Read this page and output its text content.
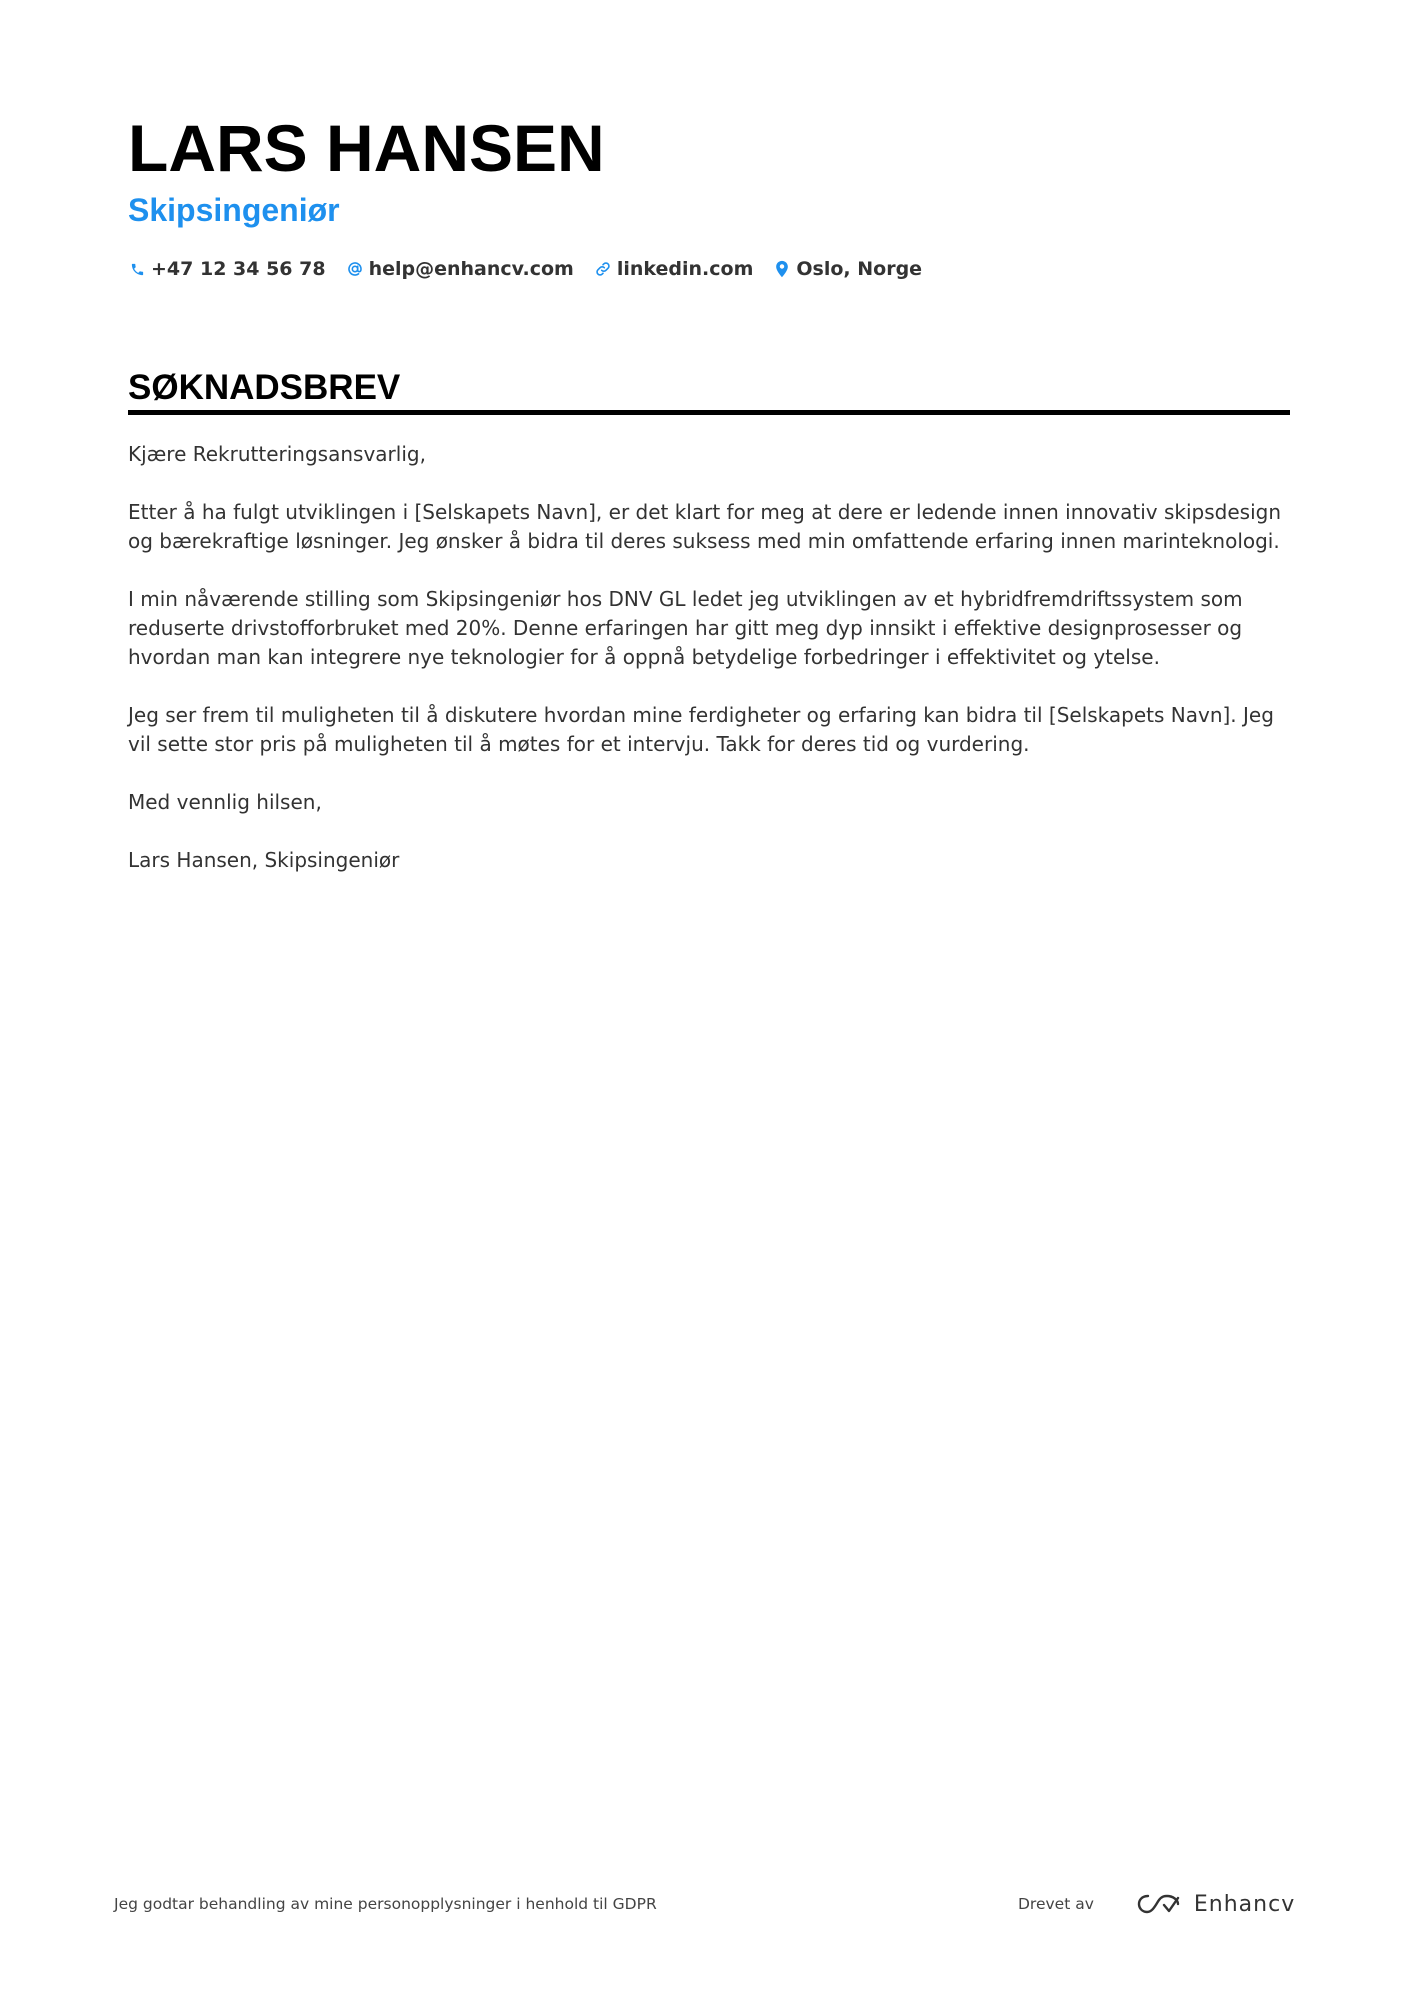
LARS HANSEN
Skipsingeniør
+47 12 34 56 78 help@enhancv.com linkedin.com Oslo, Norge
SØKNADSBREV

Kjære Rekrutteringsansvarlig,

Etter å ha fulgt utviklingen i [Selskapets Navn], er det klart for meg at dere er ledende innen innovativ skipsdesign og bærekraftige løsninger. Jeg ønsker å bidra til deres suksess med min omfattende erfaring innen marinteknologi.

I min nåværende stilling som Skipsingeniør hos DNV GL ledet jeg utviklingen av et hybridfremdriftssystem som reduserte drivstofforbruket med 20%. Denne erfaringen har gitt meg dyp innsikt i effektive designprosesser og hvordan man kan integrere nye teknologier for å oppnå betydelige forbedringer i effektivitet og ytelse.

Jeg ser frem til muligheten til å diskutere hvordan mine ferdigheter og erfaring kan bidra til [Selskapets Navn]. Jeg vil sette stor pris på muligheten til å møtes for et intervju. Takk for deres tid og vurdering.

Med vennlig hilsen,

Lars Hansen, Skipsingeniør

Jeg godtar behandling av mine personopplysninger i henhold til GDPR	Drevet av	Enhancv
